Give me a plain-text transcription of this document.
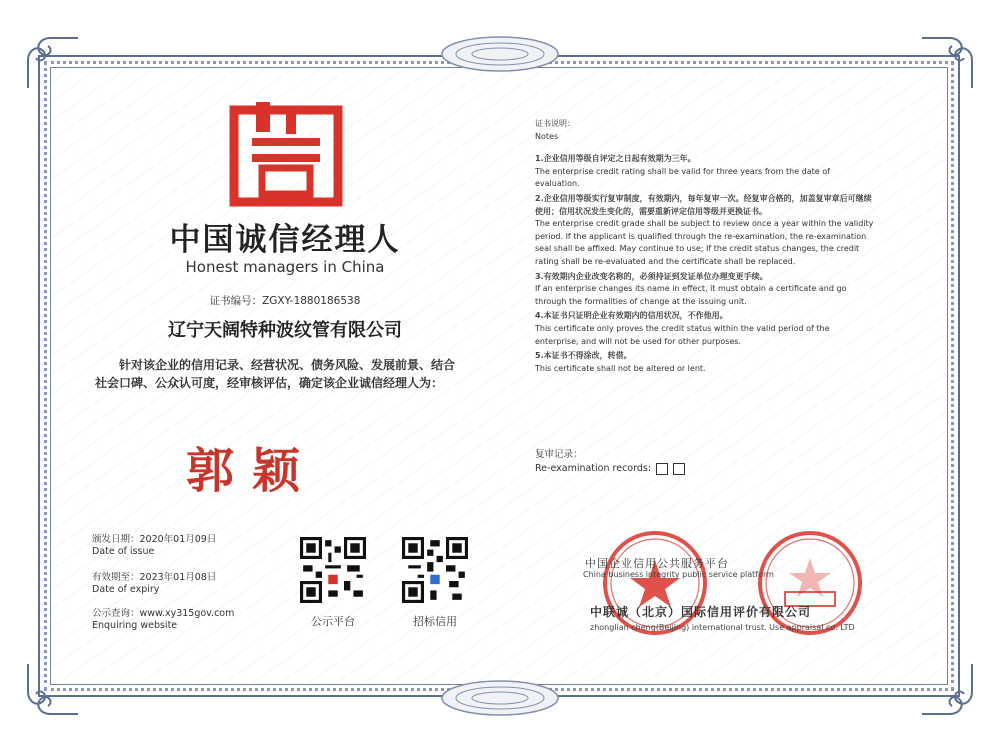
中国诚信经理人
Honest managers in China
证书编号：ZGXY-1880186538
辽宁天阔特种波纹管有限公司
针对该企业的信用记录、经营状况、债务风险、发展前景、结合社会口碑、公众认可度，经审核评估，确定该企业诚信经理人为：
郭颖
颁发日期：2020年01月09日
Date of issue
有效期至：2023年01月08日
Date of expiry
公示查询：www.xy315gov.com
Enquiring website	公示平台	招标信用

证书说明：

Notes

1.企业信用等级自评定之日起有效期为三年。

The enterprise credit rating shall be valid for three years from the date of evaluation.

2.企业信用等级实行复审制度，有效期内，每年复审一次。经复审合格的，加盖复审章后可继续使用；信用状况发生变化的，需要重新评定信用等级并更换证书。

The enterprise credit grade shall be subject to review once a year within the validity period. If the applicant is qualified through the re-examination, the re-examination seal shall be affixed. May continue to use; If the credit status changes, the credit rating shall be re-evaluated and the certificate shall be replaced.

3.有效期内企业改变名称的，必须持证到发证单位办理变更手续。

If an enterprise changes its name in effect, it must obtain a certificate and go through the formalities of change at the issuing unit.

4.本证书只证明企业有效期内的信用状况，不作他用。

This certificate only proves the credit status within the valid period of the enterprise, and will not be used for other purposes.

5.本证书不得涂改，转借。

This certificate shall not be altered or lent.

复审记录：
Re-examination records:
中国企业信用公共服务平台
China business integrity public service platform
中联诚（北京）国际信用评价有限公司
zhonglian cheng(Beijing) international trust. Use appraisal co. LTD
